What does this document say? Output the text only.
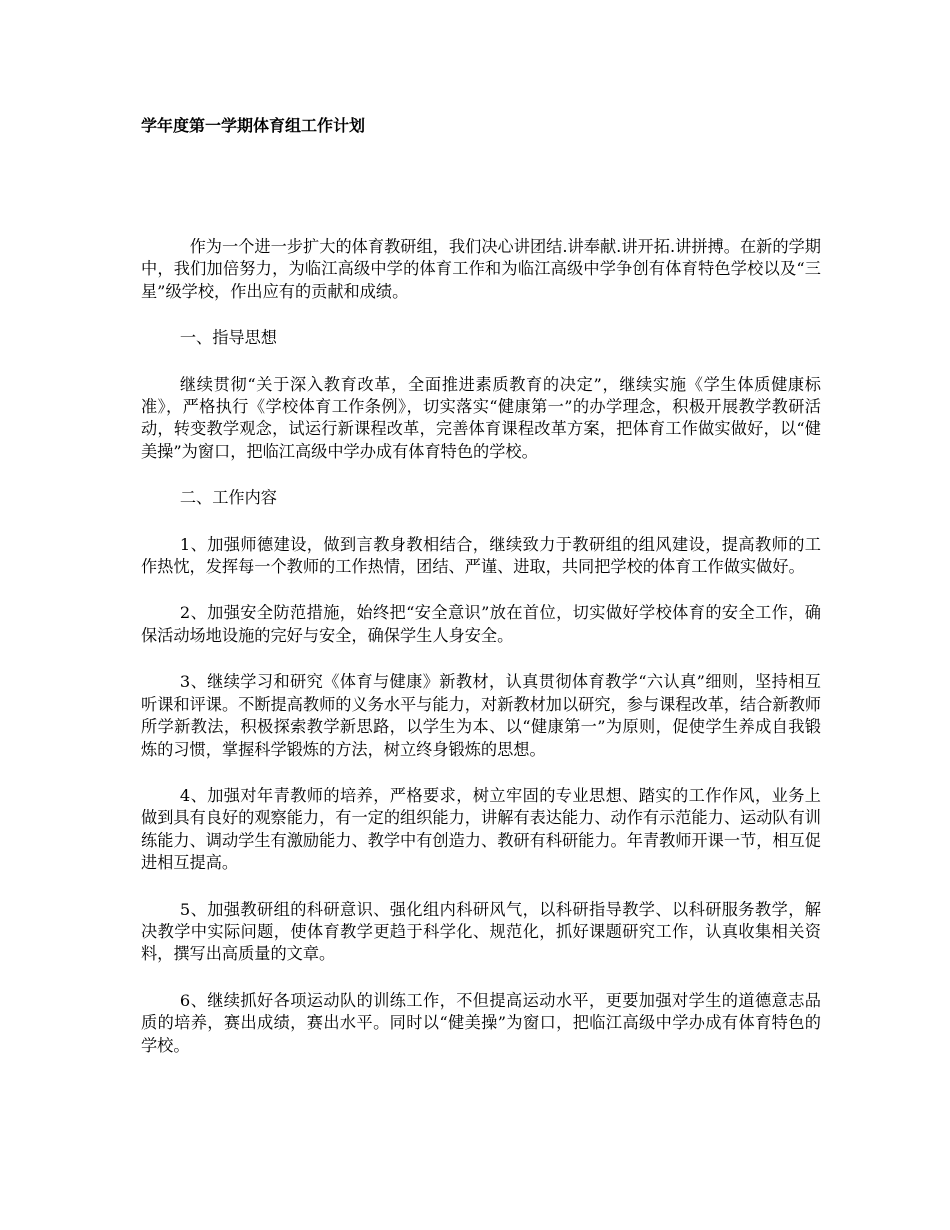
学年度第一学期体育组工作计划

作为一个进一步扩大的体育教研组，我们决心讲团结.讲奉献.讲开拓.讲拼搏。在新的学期中，我们加倍努力，为临江高级中学的体育工作和为临江高级中学争创有体育特色学校以及“三星”级学校，作出应有的贡献和成绩。

一、指导思想

继续贯彻“关于深入教育改革，全面推进素质教育的决定”，继续实施《学生体质健康标准》，严格执行《学校体育工作条例》，切实落实“健康第一”的办学理念，积极开展教学教研活动，转变教学观念，试运行新课程改革，完善体育课程改革方案，把体育工作做实做好，以“健美操”为窗口，把临江高级中学办成有体育特色的学校。

二、工作内容

1、加强师德建设，做到言教身教相结合，继续致力于教研组的组风建设，提高教师的工作热忱，发挥每一个教师的工作热情，团结、严谨、进取，共同把学校的体育工作做实做好。

2、加强安全防范措施，始终把“安全意识”放在首位，切实做好学校体育的安全工作，确保活动场地设施的完好与安全，确保学生人身安全。

3、继续学习和研究《体育与健康》新教材，认真贯彻体育教学“六认真”细则，坚持相互听课和评课。不断提高教师的义务水平与能力，对新教材加以研究，参与课程改革，结合新教师所学新教法，积极探索教学新思路，以学生为本、以“健康第一”为原则，促使学生养成自我锻炼的习惯，掌握科学锻炼的方法，树立终身锻炼的思想。

4、加强对年青教师的培养，严格要求，树立牢固的专业思想、踏实的工作作风，业务上做到具有良好的观察能力，有一定的组织能力，讲解有表达能力、动作有示范能力、运动队有训练能力、调动学生有激励能力、教学中有创造力、教研有科研能力。年青教师开课一节，相互促进相互提高。

5、加强教研组的科研意识、强化组内科研风气，以科研指导教学、以科研服务教学，解决教学中实际问题，使体育教学更趋于科学化、规范化，抓好课题研究工作，认真收集相关资料，撰写出高质量的文章。

6、继续抓好各项运动队的训练工作，不但提高运动水平，更要加强对学生的道德意志品质的培养，赛出成绩，赛出水平。同时以“健美操”为窗口，把临江高级中学办成有体育特色的学校。
